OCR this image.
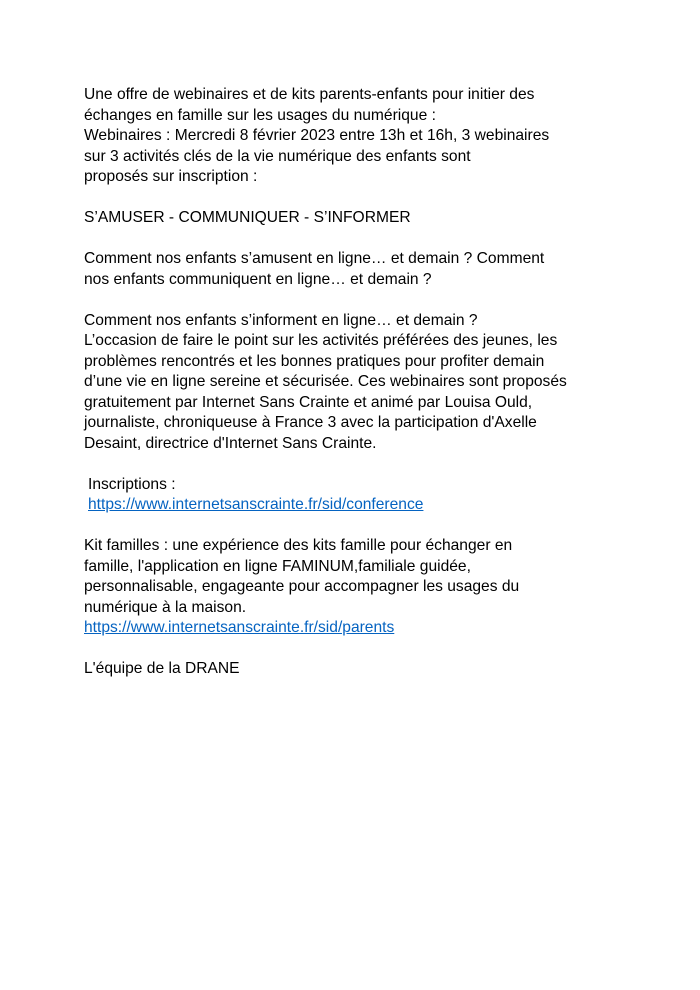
Une offre de webinaires et de kits parents-enfants pour initier des
échanges en famille sur les usages du numérique :
Webinaires : Mercredi 8 février 2023 entre 13h et 16h, 3 webinaires
sur 3 activités clés de la vie numérique des enfants sont
proposés sur inscription :
S’AMUSER - COMMUNIQUER - S’INFORMER
Comment nos enfants s’amusent en ligne… et demain ? Comment
nos enfants communiquent en ligne… et demain ?
Comment nos enfants s’informent en ligne… et demain ?
L’occasion de faire le point sur les activités préférées des jeunes, les
problèmes rencontrés et les bonnes pratiques pour profiter demain
d’une vie en ligne sereine et sécurisée. Ces webinaires sont proposés
gratuitement par Internet Sans Crainte et animé par Louisa Ould,
journaliste, chroniqueuse à France 3 avec la participation d'Axelle
Desaint, directrice d'Internet Sans Crainte.
Inscriptions :
https://www.internetsanscrainte.fr/sid/conference
Kit familles : une expérience des kits famille pour échanger en
famille, l'application en ligne FAMINUM,familiale guidée,
personnalisable, engageante pour accompagner les usages du
numérique à la maison.
https://www.internetsanscrainte.fr/sid/parents
L'équipe de la DRANE
